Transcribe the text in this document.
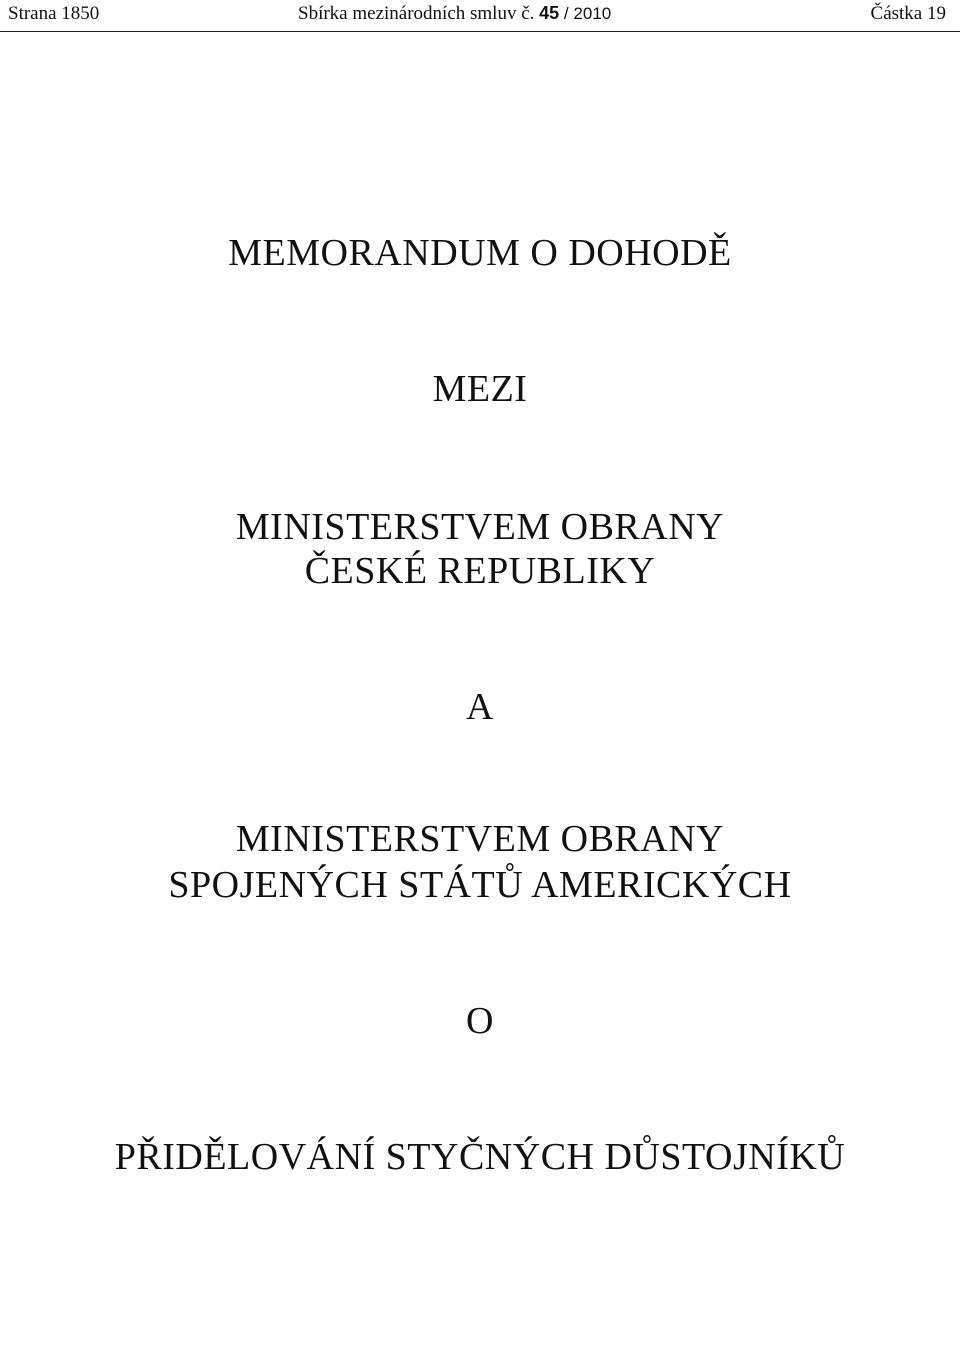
Strana 1850	Sbírka mezinárodních smluv č. 45 / 2010	Částka 19
MEMORANDUM O DOHODĚ
MEZI
MINISTERSTVEM OBRANY
ČESKÉ REPUBLIKY
A
MINISTERSTVEM OBRANY
SPOJENÝCH STÁTŮ AMERICKÝCH
O
PŘIDĚLOVÁNÍ STYČNÝCH DŮSTOJNÍKŮ
